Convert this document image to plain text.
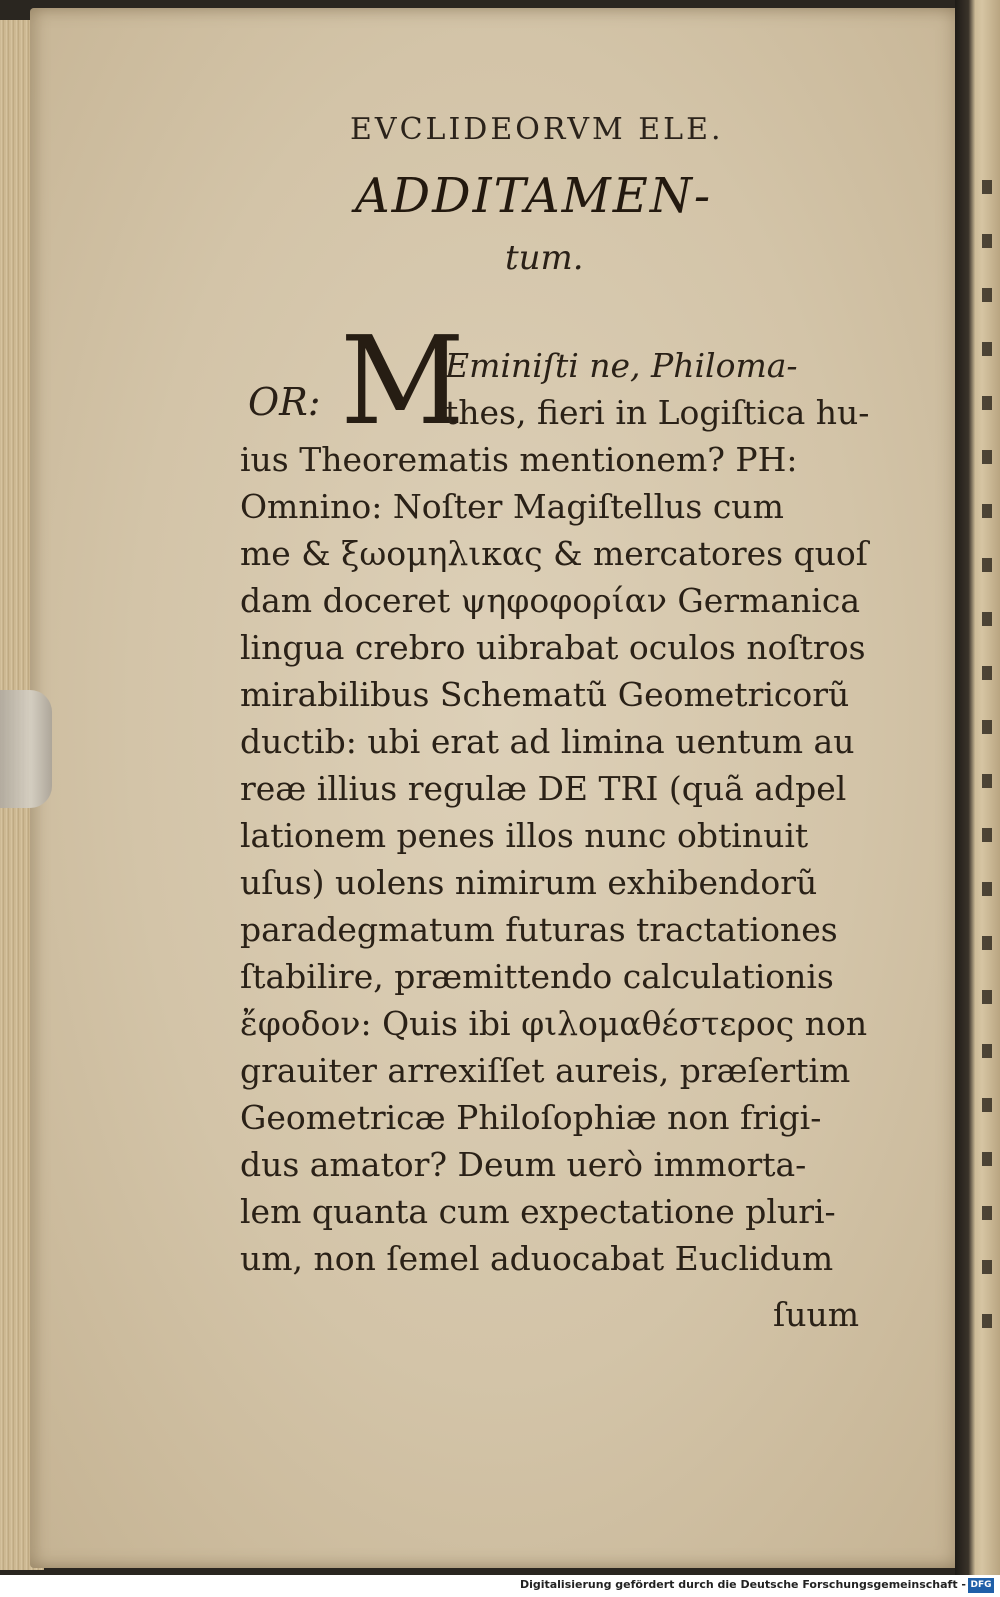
EVCLIDEORVM ELE.
ADDITAMEN-
tum.
OR: M
Eminiſti ne, Philoma-
thes, fieri in Logiſtica hu-
ius Theorematis mentionem? PH:
Omnino: Noſter Magiſtellus cum
me & ξωομηλικας & mercatores quoſ
dam doceret ψηφοφορίαν Germanica
lingua crebro uibrabat oculos noſtros
mirabilibus Schematũ Geometricorũ
ductib: ubi erat ad limina uentum au
reæ illius regulæ DE TRI (quã adpel
lationem penes illos nunc obtinuit
uſus) uolens nimirum exhibendorũ
paradegmatum futuras tractationes
ſtabilire, præmittendo calculationis
ἔφοδον: Quis ibi φιλομαθέστερος non
grauiter arrexiſſet aureis, præſertim
Geometricæ Philoſophiæ non frigi-
dus amator? Deum uerò immorta-
lem quanta cum expectatione pluri-
um, non ſemel aduocabat Euclidum
ſuum
Digitalisierung gefördert durch die Deutsche Forschungsgemeinschaft - DFG
